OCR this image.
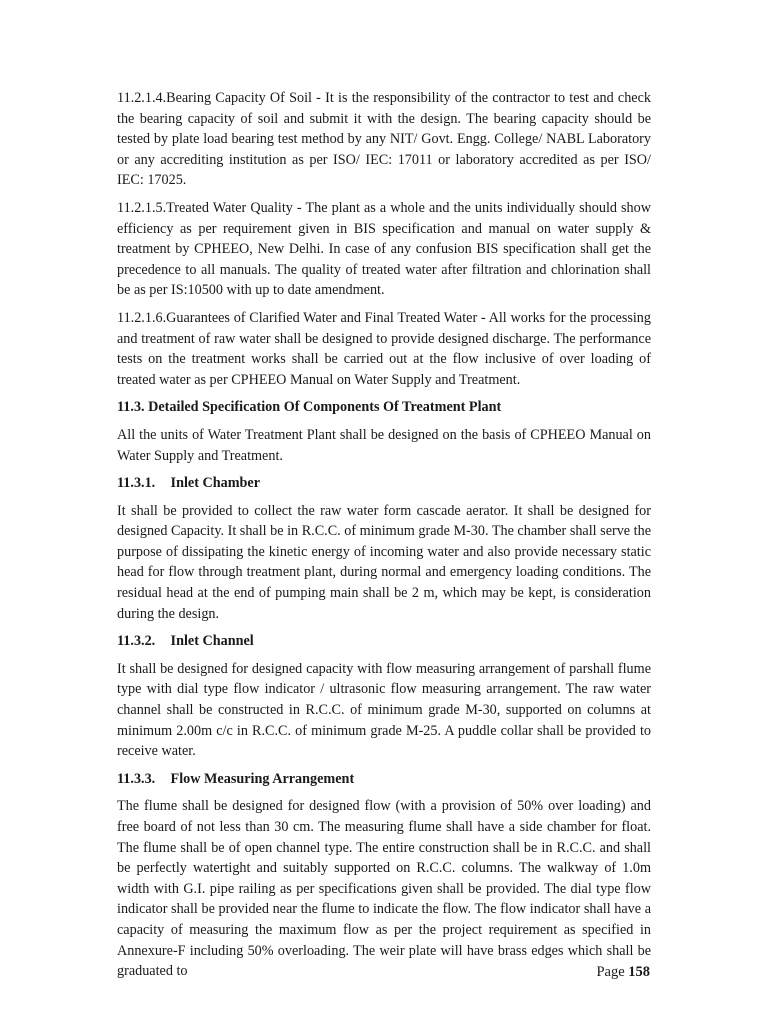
11.2.1.4.Bearing Capacity Of Soil - It is the responsibility of the contractor to test and check the bearing capacity of soil and submit it with the design. The bearing capacity should be tested by plate load bearing test method by any NIT/ Govt. Engg. College/ NABL Laboratory or any accrediting institution as per ISO/ IEC: 17011 or laboratory accredited as per ISO/ IEC: 17025.

11.2.1.5.Treated Water Quality - The plant as a whole and the units individually should show efficiency as per requirement given in BIS specification and manual on water supply & treatment by CPHEEO, New Delhi. In case of any confusion BIS specification shall get the precedence to all manuals. The quality of treated water after filtration and chlorination shall be as per IS:10500 with up to date amendment.

11.2.1.6.Guarantees of Clarified Water and Final Treated Water - All works for the processing and treatment of raw water shall be designed to provide designed discharge. The performance tests on the treatment works shall be carried out at the flow inclusive of over loading of treated water as per CPHEEO Manual on Water Supply and Treatment.

11.3. Detailed Specification Of Components Of Treatment Plant

All the units of Water Treatment Plant shall be designed on the basis of CPHEEO Manual on Water Supply and Treatment.

11.3.1. Inlet Chamber

It shall be provided to collect the raw water form cascade aerator. It shall be designed for designed Capacity. It shall be in R.C.C. of minimum grade M-30. The chamber shall serve the purpose of dissipating the kinetic energy of incoming water and also provide necessary static head for flow through treatment plant, during normal and emergency loading conditions. The residual head at the end of pumping main shall be 2 m, which may be kept, is consideration during the design.

11.3.2. Inlet Channel

It shall be designed for designed capacity with flow measuring arrangement of parshall flume type with dial type flow indicator / ultrasonic flow measuring arrangement. The raw water channel shall be constructed in R.C.C. of minimum grade M-30, supported on columns at minimum 2.00m c/c in R.C.C. of minimum grade M-25. A puddle collar shall be provided to receive water.

11.3.3. Flow Measuring Arrangement

The flume shall be designed for designed flow (with a provision of 50% over loading) and free board of not less than 30 cm. The measuring flume shall have a side chamber for float. The flume shall be of open channel type. The entire construction shall be in R.C.C. and shall be perfectly watertight and suitably supported on R.C.C. columns. The walkway of 1.0m width with G.I. pipe railing as per specifications given shall be provided. The dial type flow indicator shall be provided near the flume to indicate the flow. The flow indicator shall have a capacity of measuring the maximum flow as per the project requirement as specified in Annexure-F including 50% overloading. The weir plate will have brass edges which shall be graduated to	Page 158
